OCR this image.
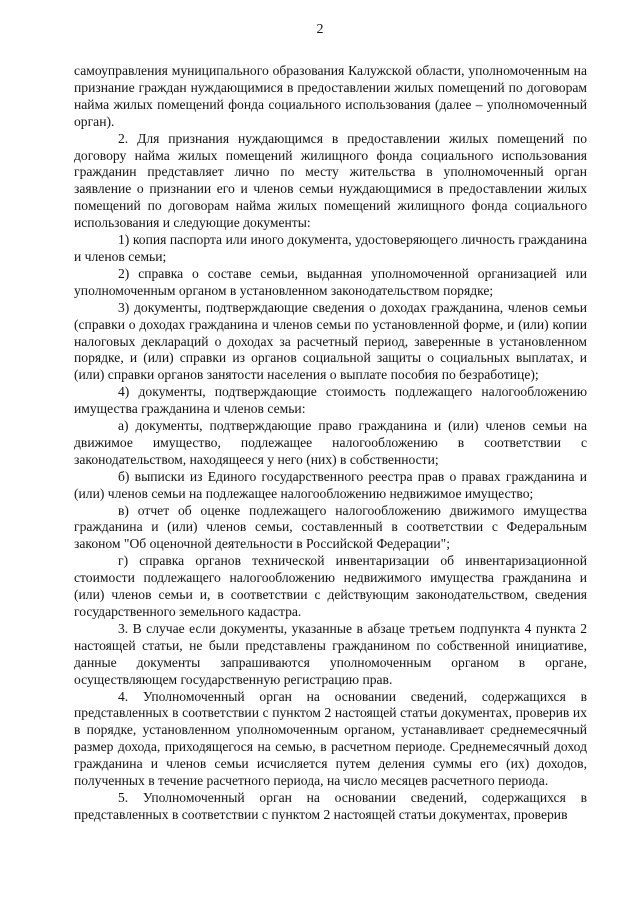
2

самоуправления муниципального образования Калужской области, уполномоченным на признание граждан нуждающимися в предоставлении жилых помещений по договорам найма жилых помещений фонда социального использования (далее – уполномоченный орган).

2. Для признания нуждающимся в предоставлении жилых помещений по договору найма жилых помещений жилищного фонда социального использования гражданин представляет лично по месту жительства в уполномоченный орган заявление о признании его и членов семьи нуждающимися в предоставлении жилых помещений по договорам найма жилых помещений жилищного фонда социального использования и следующие документы:

1) копия паспорта или иного документа, удостоверяющего личность гражданина и членов семьи;

2) справка о составе семьи, выданная уполномоченной организацией или уполномоченным органом в установленном законодательством порядке;

3) документы, подтверждающие сведения о доходах гражданина, членов семьи (справки о доходах гражданина и членов семьи по установленной форме, и (или) копии налоговых деклараций о доходах за расчетный период, заверенные в установленном порядке, и (или) справки из органов социальной защиты о социальных выплатах, и (или) справки органов занятости населения о выплате пособия по безработице);

4) документы, подтверждающие стоимость подлежащего налогообложению имущества гражданина и членов семьи:

а) документы, подтверждающие право гражданина и (или) членов семьи на движимое имущество, подлежащее налогообложению в соответствии с законодательством, находящееся у него (них) в собственности;

б) выписки из Единого государственного реестра прав о правах гражданина и (или) членов семьи на подлежащее налогообложению недвижимое имущество;

в) отчет об оценке подлежащего налогообложению движимого имущества гражданина и (или) членов семьи, составленный в соответствии с Федеральным законом "Об оценочной деятельности в Российской Федерации";

г) справка органов технической инвентаризации об инвентаризационной стоимости подлежащего налогообложению недвижимого имущества гражданина и (или) членов семьи и, в соответствии с действующим законодательством, сведения государственного земельного кадастра.

3. В случае если документы, указанные в абзаце третьем подпункта 4 пункта 2 настоящей статьи, не были представлены гражданином по собственной инициативе, данные документы запрашиваются уполномоченным органом в органе, осуществляющем государственную регистрацию прав.

4. Уполномоченный орган на основании сведений, содержащихся в представленных в соответствии с пунктом 2 настоящей статьи документах, проверив их в порядке, установленном уполномоченным органом, устанавливает среднемесячный размер дохода, приходящегося на семью, в расчетном периоде. Среднемесячный доход гражданина и членов семьи исчисляется путем деления суммы его (их) доходов, полученных в течение расчетного периода, на число месяцев расчетного периода.

5. Уполномоченный орган на основании сведений, содержащихся в представленных в соответствии с пунктом 2 настоящей статьи документах, проверив
